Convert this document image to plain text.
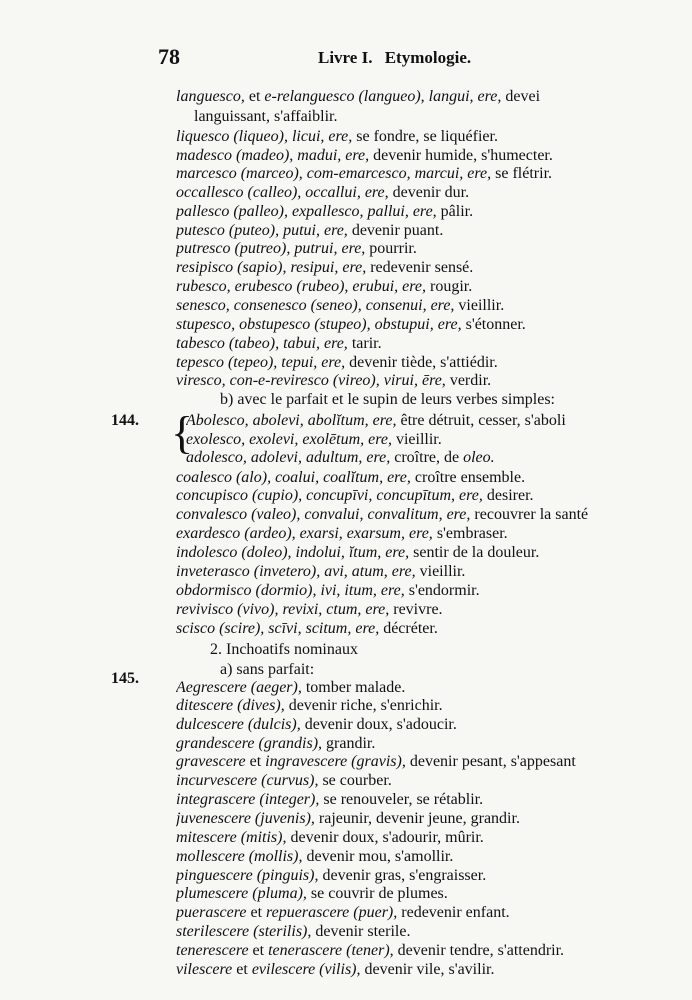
78	Livre I. Etymologie.
144.
145.
{
languesco, et e-relanguesco (langueo), langui, ere, devei
languissant, s'affaiblir.
liquesco (liqueo), licui, ere, se fondre, se liquéfier.
madesco (madeo), madui, ere, devenir humide, s'humecter.
marcesco (marceo), com-emarcesco, marcui, ere, se flétrir.
occallesco (calleo), occallui, ere, devenir dur.
pallesco (palleo), expallesco, pallui, ere, pâlir.
putesco (puteo), putui, ere, devenir puant.
putresco (putreo), putrui, ere, pourrir.
resipisco (sapio), resipui, ere, redevenir sensé.
rubesco, erubesco (rubeo), erubui, ere, rougir.
senesco, consenesco (seneo), consenui, ere, vieillir.
stupesco, obstupesco (stupeo), obstupui, ere, s'étonner.
tabesco (tabeo), tabui, ere, tarir.
tepesco (tepeo), tepui, ere, devenir tiède, s'attiédir.
viresco, con-e-reviresco (vireo), virui, ēre, verdir.
b) avec le parfait et le supin de leurs verbes simples:
Abolesco, abolevi, abolĭtum, ere, être détruit, cesser, s'aboli
exolesco, exolevi, exolētum, ere, vieillir.
adolesco, adolevi, adultum, ere, croître, de oleo.
coalesco (alo), coalui, coalĭtum, ere, croître ensemble.
concupisco (cupio), concupīvi, concupītum, ere, desirer.
convalesco (valeo), convalui, convalitum, ere, recouvrer la santé
exardesco (ardeo), exarsi, exarsum, ere, s'embraser.
indolesco (doleo), indolui, ĭtum, ere, sentir de la douleur.
inveterasco (invetero), avi, atum, ere, vieillir.
obdormisco (dormio), ivi, itum, ere, s'endormir.
revivisco (vivo), revixi, ctum, ere, revivre.
scisco (scire), scīvi, scitum, ere, décréter.
2. Inchoatifs nominaux
a) sans parfait:
Aegrescere (aeger), tomber malade.
ditescere (dives), devenir riche, s'enrichir.
dulcescere (dulcis), devenir doux, s'adoucir.
grandescere (grandis), grandir.
gravescere et ingravescere (gravis), devenir pesant, s'appesant
incurvescere (curvus), se courber.
integrascere (integer), se renouveler, se rétablir.
juvenescere (juvenis), rajeunir, devenir jeune, grandir.
mitescere (mitis), devenir doux, s'adourir, mûrir.
mollescere (mollis), devenir mou, s'amollir.
pinguescere (pinguis), devenir gras, s'engraisser.
plumescere (pluma), se couvrir de plumes.
puerascere et repuerascere (puer), redevenir enfant.
sterilescere (sterilis), devenir sterile.
tenerescere et tenerascere (tener), devenir tendre, s'attendrir.
vilescere et evilescere (vilis), devenir vile, s'avilir.
